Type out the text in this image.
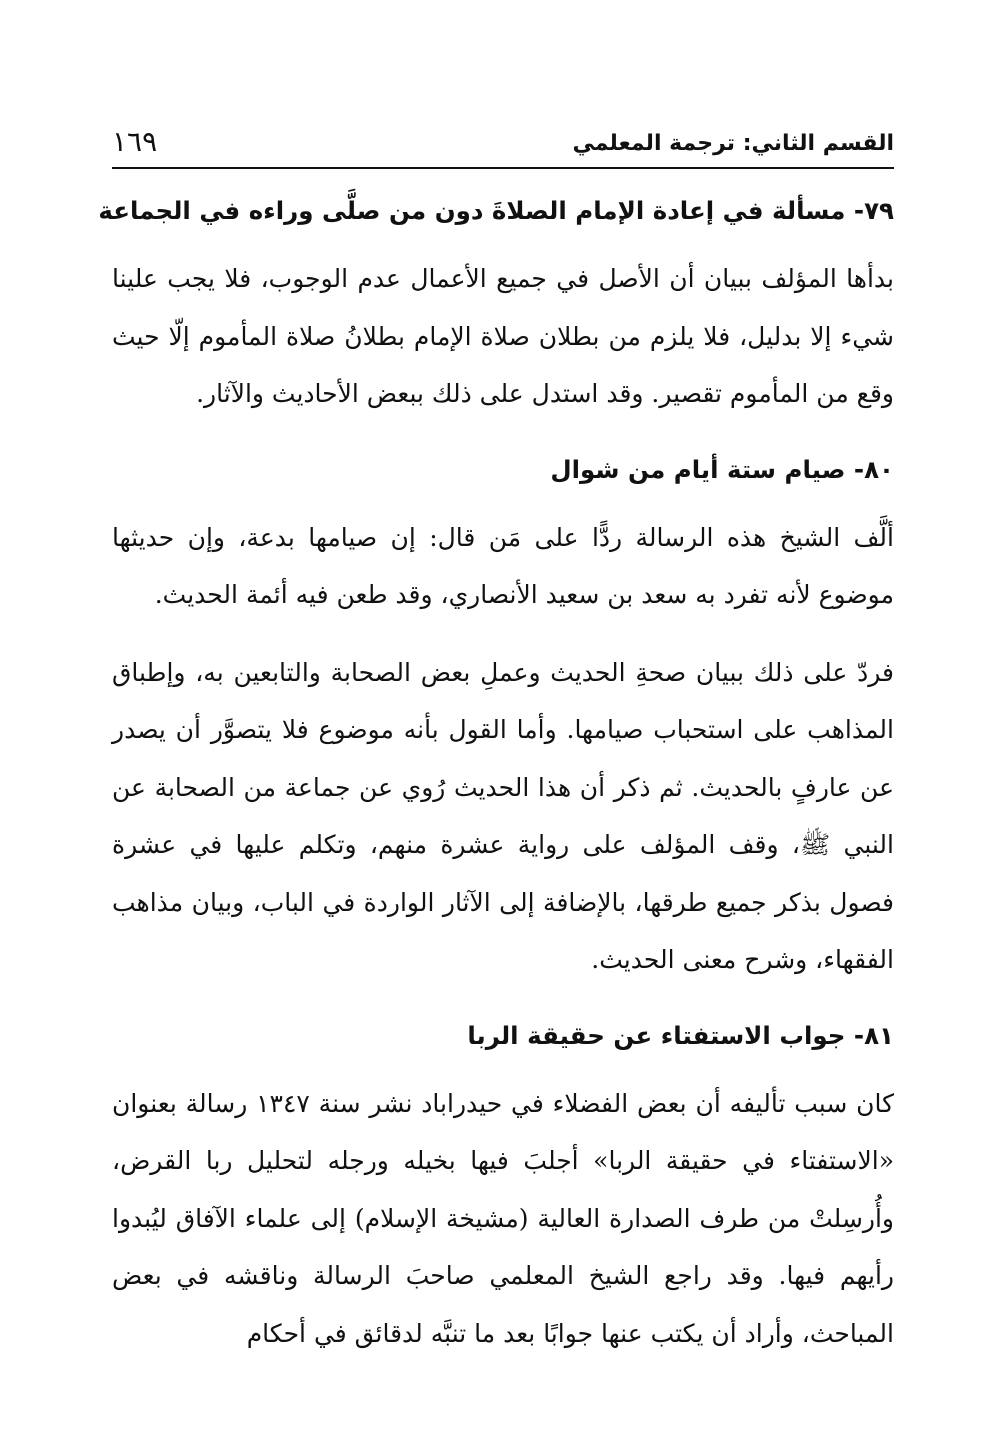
القسم الثاني: ترجمة المعلمي
١٦٩
٧٩- مسألة في إعادة الإمام الصلاةَ دون من صلَّى وراءه في الجماعة

بدأها المؤلف ببيان أن الأصل في جميع الأعمال عدم الوجوب، فلا يجب علينا شيء إلا بدليل، فلا يلزم من بطلان صلاة الإمام بطلانُ صلاة المأموم إلّا حيث وقع من المأموم تقصير. وقد استدل على ذلك ببعض الأحاديث والآثار.

٨٠- صيام ستة أيام من شوال

ألَّف الشيخ هذه الرسالة ردًّا على مَن قال: إن صيامها بدعة، وإن حديثها موضوع لأنه تفرد به سعد بن سعيد الأنصاري، وقد طعن فيه أئمة الحديث.

فردّ على ذلك ببيان صحةِ الحديث وعملِ بعض الصحابة والتابعين به، وإطباق المذاهب على استحباب صيامها. وأما القول بأنه موضوع فلا يتصوَّر أن يصدر عن عارفٍ بالحديث. ثم ذكر أن هذا الحديث رُوي عن جماعة من الصحابة عن النبي ﷺ، وقف المؤلف على رواية عشرة منهم، وتكلم عليها في عشرة فصول بذكر جميع طرقها، بالإضافة إلى الآثار الواردة في الباب، وبيان مذاهب الفقهاء، وشرح معنى الحديث.

٨١- جواب الاستفتاء عن حقيقة الربا

كان سبب تأليفه أن بعض الفضلاء في حيدراباد نشر سنة ١٣٤٧ رسالة بعنوان «الاستفتاء في حقيقة الربا» أجلبَ فيها بخيله ورجله لتحليل ربا القرض، وأُرسِلتْ من طرف الصدارة العالية (مشيخة الإسلام) إلى علماء الآفاق ليُبدوا رأيهم فيها. وقد راجع الشيخ المعلمي صاحبَ الرسالة وناقشه في بعض المباحث، وأراد أن يكتب عنها جوابًا بعد ما تنبَّه لدقائق في أحكام
